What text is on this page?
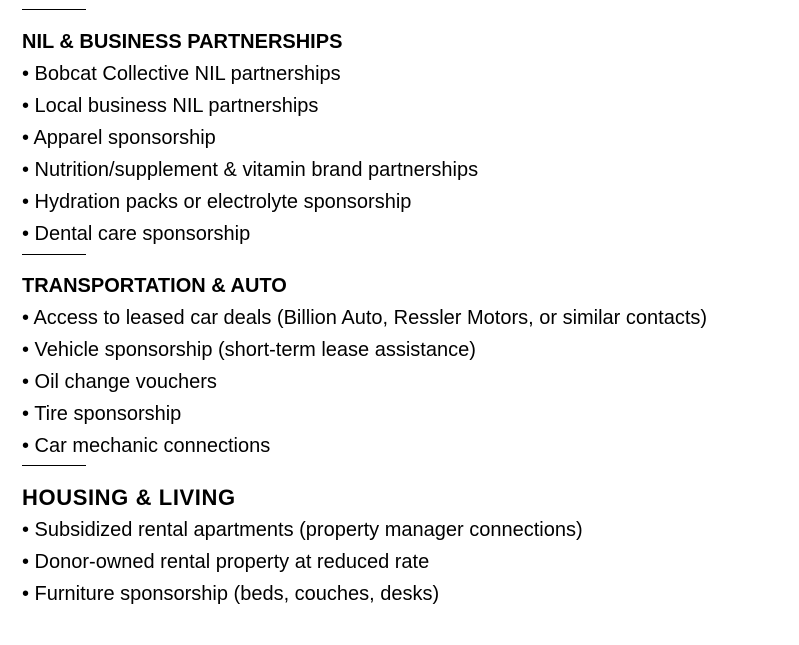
NIL & BUSINESS PARTNERSHIPS
• Bobcat Collective NIL partnerships
• Local business NIL partnerships
• Apparel sponsorship
• Nutrition/supplement & vitamin brand partnerships
• Hydration packs or electrolyte sponsorship
• Dental care sponsorship
TRANSPORTATION & AUTO
• Access to leased car deals (Billion Auto, Ressler Motors, or similar contacts)
• Vehicle sponsorship (short-term lease assistance)
• Oil change vouchers
• Tire sponsorship
• Car mechanic connections
HOUSING & LIVING
• Subsidized rental apartments (property manager connections)
• Donor-owned rental property at reduced rate
• Furniture sponsorship (beds, couches, desks)
